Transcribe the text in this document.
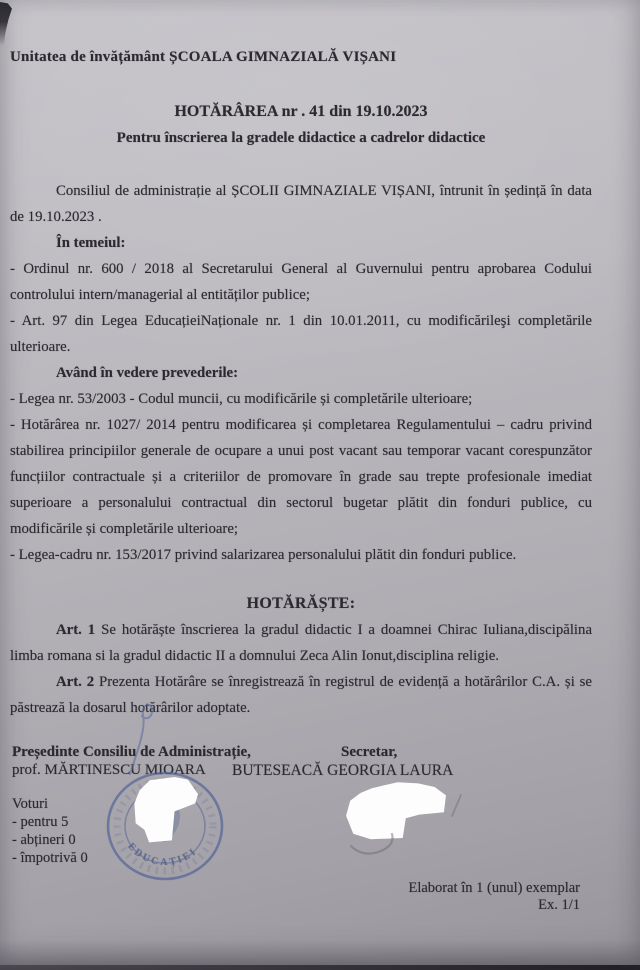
Unitatea de învățământ ȘCOALA GIMNAZIALĂ VIȘANI
HOTĂRÂREA nr . 41 din 19.10.2023
Pentru înscrierea la gradele didactice a cadrelor didactice

Consiliul de administrație al ȘCOLII GIMNAZIALE VIȘANI, întrunit în ședință în data de 19.10.2023 .

În temeiul:

- Ordinul nr. 600 / 2018 al Secretarului General al Guvernului pentru aprobarea Codului controlului intern/managerial al entităților publice;

- Art. 97 din Legea EducațieiNaționale nr. 1 din 10.01.2011, cu modificărileşi completările ulterioare.

Având în vedere prevederile:

- Legea nr. 53/2003 - Codul muncii, cu modificările și completările ulterioare;

- Hotărârea nr. 1027/ 2014 pentru modificarea și completarea Regulamentului – cadru privind stabilirea principiilor generale de ocupare a unui post vacant sau temporar vacant corespunzător funcțiilor contractuale și a criteriilor de promovare în grade sau trepte profesionale imediat superioare a personalului contractual din sectorul bugetar plătit din fonduri publice, cu modificările și completările ulterioare;

- Legea-cadru nr. 153/2017 privind salarizarea personalului plătit din fonduri publice.

HOTĂRĂȘTE:

Art. 1 Se hotărăște înscrierea la gradul didactic I a doamnei Chirac Iuliana,discipălina limba romana si la gradul didactic II a domnului Zeca Alin Ionut,disciplina religie.

Art. 2 Prezenta Hotărâre se înregistrează în registrul de evidență a hotărârilor C.A. și se păstrează la dosarul hotărârilor adoptate.

Președinte Consiliu de Administrație,
prof. MĂRTINESCU MIOARA
Secretar,
BUTESEACĂ GEORGIA LAURA
Voturi
- pentru 5
- abțineri 0
- împotrivă 0
EDUCAȚIEI
Elaborat în 1 (unul) exemplar
Ex. 1/1
